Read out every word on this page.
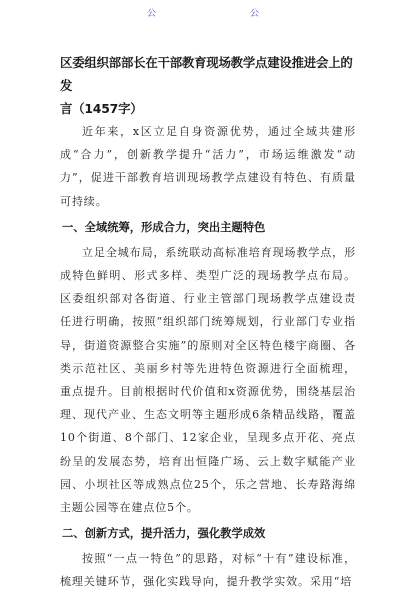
公	公

区委组织部部长在干部教育现场教学点建设推进会上的发
言（1457字）

近年来，x区立足自身资源优势，通过全域共建形成“合力”，创新教学提升“活力”，市场运维激发“动力”，促进干部教育培训现场教学点建设有特色、有质量可持续。

一、全域统筹，形成合力，突出主题特色

立足全城布局，系统联动高标准培育现场教学点，形成特色鲜明、形式多样、类型广泛的现场教学点布局。区委组织部对各街道、行业主管部门现场教学点建设责任进行明确，按照“组织部门统筹规划，行业部门专业指导，街道资源整合实施”的原则对全区特色楼宇商圈、各类示范社区、美丽乡村等先进特色资源进行全面梳理，重点提升。目前根据时代价值和x资源优势，围绕基层治理、现代产业、生态文明等主题形成6条精品线路，覆盖10个街道、8个部门、12家企业，呈现多点开花、亮点纷呈的发展态势，培育出恒隆广场、云上数字赋能产业园、小坝社区等成熟点位25个，乐之营地、长寿路海绵主题公园等在建点位5个。

二、创新方式，提升活力，强化教学成效

按照“一点一特色”的思路，对标“十有”建设标准，梳理关键环节，强化实践导向，提升教学实效。采用“培
